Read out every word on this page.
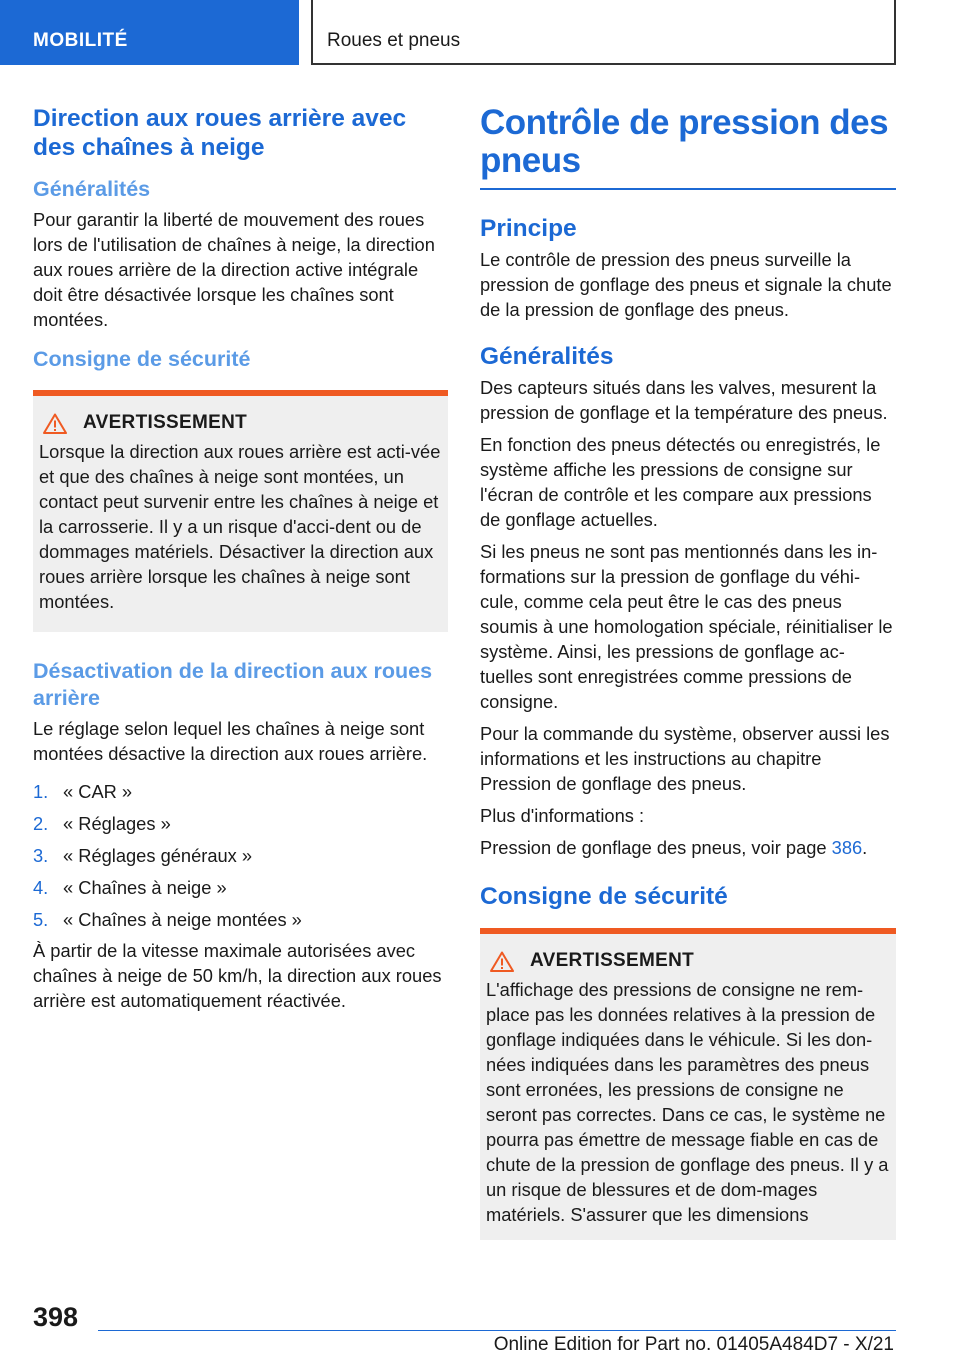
MOBILITÉ	Roues et pneus
Direction aux roues arrière avec des chaînes à neige
Généralités

Pour garantir la liberté de mouvement des roues lors de l'utilisation de chaînes à neige, la direction aux roues arrière de la direction active intégrale doit être désactivée lorsque les chaînes sont montées.

Consigne de sécurité
AVERTISSEMENT

Lorsque la direction aux roues arrière est acti-vée et que des chaînes à neige sont montées, un contact peut survenir entre les chaînes à neige et la carrosserie. Il y a un risque d'acci-dent ou de dommages matériels. Désactiver la direction aux roues arrière lorsque les chaînes à neige sont montées.

Désactivation de la direction aux roues arrière

Le réglage selon lequel les chaînes à neige sont montées désactive la direction aux roues arrière.

1. « CAR »
2. « Réglages »
3. « Réglages généraux »
4. « Chaînes à neige »
5. « Chaînes à neige montées »

À partir de la vitesse maximale autorisées avec chaînes à neige de 50 km/h, la direction aux roues arrière est automatiquement réactivée.

Contrôle de pression des pneus
Principe

Le contrôle de pression des pneus surveille la pression de gonflage des pneus et signale la chute de la pression de gonflage des pneus.

Généralités

Des capteurs situés dans les valves, mesurent la pression de gonflage et la température des pneus.

En fonction des pneus détectés ou enregistrés, le système affiche les pressions de consigne sur l'écran de contrôle et les compare aux pressions de gonflage actuelles.

Si les pneus ne sont pas mentionnés dans les in-formations sur la pression de gonflage du véhi-cule, comme cela peut être le cas des pneus soumis à une homologation spéciale, réinitialiser le système. Ainsi, les pressions de gonflage ac-tuelles sont enregistrées comme pressions de consigne.

Pour la commande du système, observer aussi les informations et les instructions au chapitre Pression de gonflage des pneus.

Plus d'informations :

Pression de gonflage des pneus, voir page 386.

Consigne de sécurité
AVERTISSEMENT

L'affichage des pressions de consigne ne rem-place pas les données relatives à la pression de gonflage indiquées dans le véhicule. Si les don-nées indiquées dans les paramètres des pneus sont erronées, les pressions de consigne ne seront pas correctes. Dans ce cas, le système ne pourra pas émettre de message fiable en cas de chute de la pression de gonflage des pneus. Il y a un risque de blessures et de dom-mages matériels. S'assurer que les dimensions

398
Online Edition for Part no. 01405A484D7 - X/21
